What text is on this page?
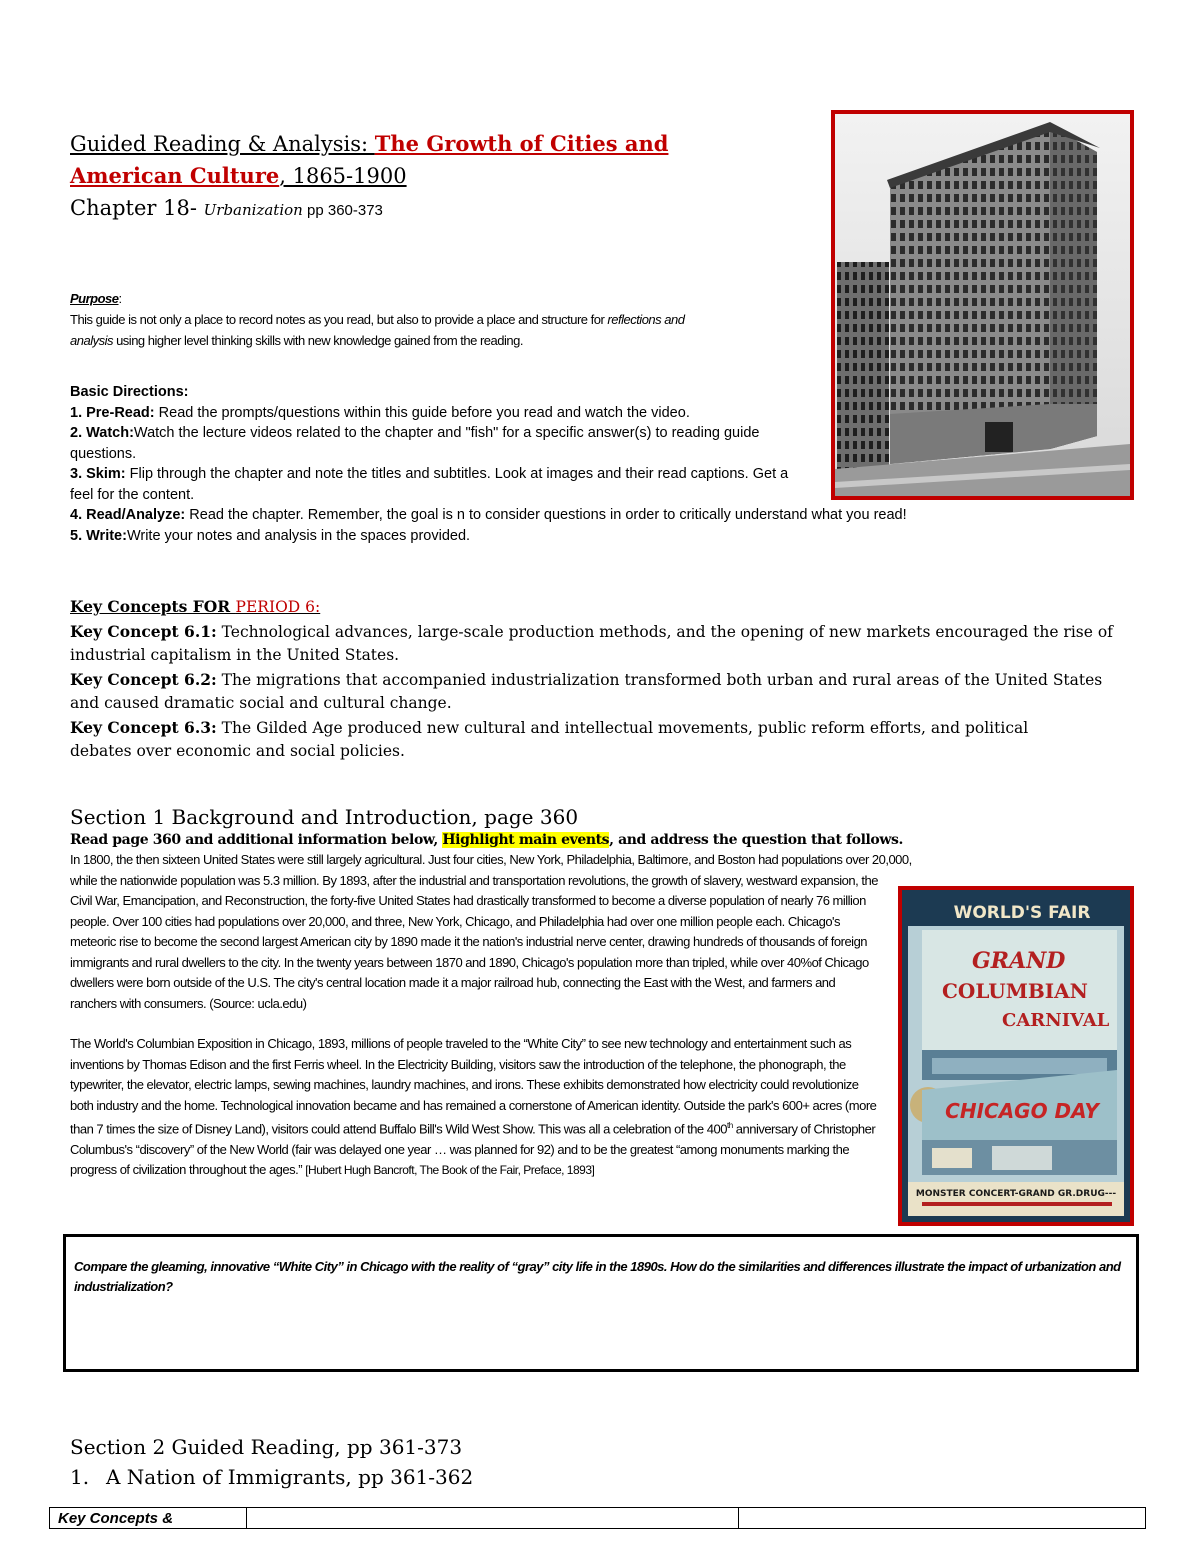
Guided Reading & Analysis: The Growth of Cities and
American Culture, 1865-1900
Chapter 18- Urbanization pp 360-373
Purpose:
This guide is not only a place to record notes as you read, but also to provide a place and structure for reflections and analysis using higher level thinking skills with new knowledge gained from the reading.

Basic Directions:

1. Pre-Read: Read the prompts/questions within this guide before you read and watch the video.

2. Watch:Watch the lecture videos related to the chapter and "fish" for a specific answer(s) to reading guide questions.

3. Skim: Flip through the chapter and note the titles and subtitles. Look at images and their read captions. Get a feel for the content.

4. Read/Analyze: Read the chapter. Remember, the goal is n to consider questions in order to critically understand what you read!

5. Write:Write your notes and analysis in the spaces provided.

Key Concepts FOR PERIOD 6:

Key Concept 6.1: Technological advances, large-scale production methods, and the opening of new markets encouraged the rise of industrial capitalism in the United States.

Key Concept 6.2: The migrations that accompanied industrialization transformed both urban and rural areas of the United States and caused dramatic social and cultural change.

Key Concept 6.3: The Gilded Age produced new cultural and intellectual movements, public reform efforts, and political debates over economic and social policies.

Section 1 Background and Introduction, page 360
Read page 360 and additional information below, Highlight main events, and address the question that follows.
In 1800, the then sixteen United States were still largely agricultural. Just four cities, New York, Philadelphia, Baltimore, and Boston had populations over 20,000,
while the nationwide population was 5.3 million. By 1893, after the industrial and transportation revolutions, the growth of slavery, westward expansion, the Civil War, Emancipation, and Reconstruction, the forty-five United States had drastically transformed to become a diverse population of nearly 76 million people. Over 100 cities had populations over 20,000, and three, New York, Chicago, and Philadelphia had over one million people each. Chicago's meteoric rise to become the second largest American city by 1890 made it the nation's industrial nerve center, drawing hundreds of thousands of foreign immigrants and rural dwellers to the city. In the twenty years between 1870 and 1890, Chicago's population more than tripled, while over 40%of Chicago dwellers were born outside of the U.S. The city's central location made it a major railroad hub, connecting the East with the West, and farmers and ranchers with consumers. (Source: ucla.edu)
The World's Columbian Exposition in Chicago, 1893, millions of people traveled to the “White City” to see new technology and entertainment such as inventions by Thomas Edison and the first Ferris wheel. In the Electricity Building, visitors saw the introduction of the telephone, the phonograph, the typewriter, the elevator, electric lamps, sewing machines, laundry machines, and irons. These exhibits demonstrated how electricity could revolutionize both industry and the home. Technological innovation became and has remained a cornerstone of American identity. Outside the park's 600+ acres (more than 7 times the size of Disney Land), visitors could attend Buffalo Bill's Wild West Show. This was all a celebration of the 400th anniversary of Christopher Columbus's “discovery” of the New World (fair was delayed one year … was planned for 92) and to be the greatest “among monuments marking the progress of civilization throughout the ages.” [Hubert Hugh Bancroft, The Book of the Fair, Preface, 1893]
WORLD'S FAIR
GRAND
COLUMBIAN
CARNIVAL
CHICAGO DAY
MONSTER CONCERT-GRAND GR.DRUG---
Compare the gleaming, innovative “White City” in Chicago with the reality of “gray” city life in the 1890s. How do the similarities and differences illustrate the impact of urbanization and industrialization?
Section 2 Guided Reading, pp 361-373
1. A Nation of Immigrants, pp 361-362
Key Concepts &		
